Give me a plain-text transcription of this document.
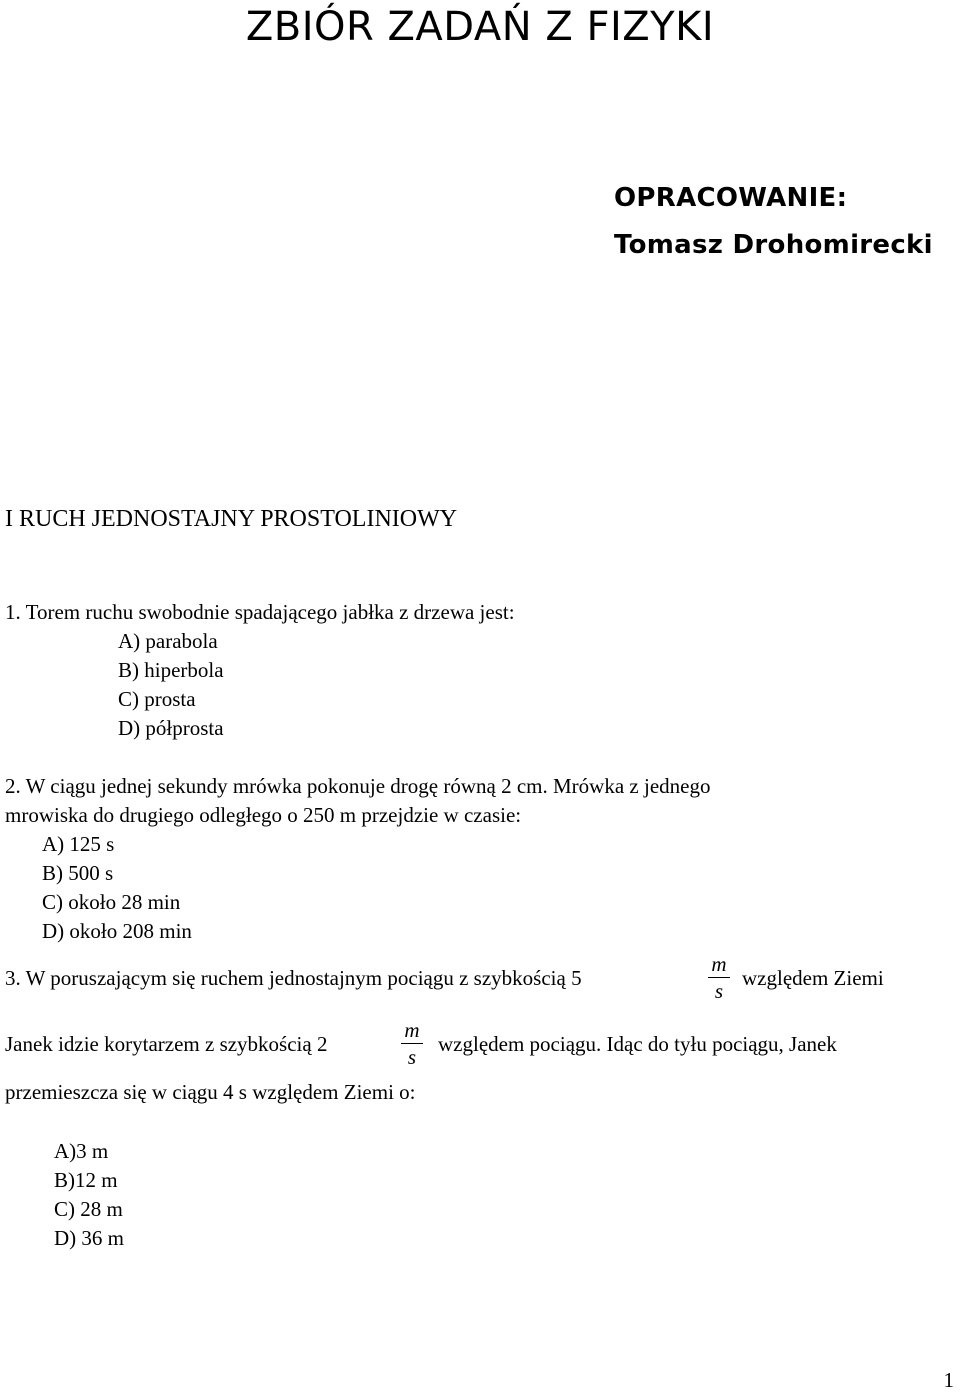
ZBIÓR ZADAŃ Z FIZYKI
OPRACOWANIE:
Tomasz Drohomirecki
I RUCH JEDNOSTAJNY PROSTOLINIOWY
1. Torem ruchu swobodnie spadającego jabłka z drzewa jest:
A) parabola
B) hiperbola
C) prosta
D) półprosta
2. W ciągu jednej sekundy mrówka pokonuje drogę równą 2 cm. Mrówka z jednego
mrowiska do drugiego odległego o 250 m przejdzie w czasie:
A) 125 s
B) 500 s
C) około 28 min
D) około 208 min
3. W poruszającym się ruchem jednostajnym pociągu z szybkością 5
m
s
względem Ziemi
Janek idzie korytarzem z szybkością 2
m
s
względem pociągu. Idąc do tyłu pociągu, Janek
przemieszcza się w ciągu 4 s względem Ziemi o:
A)3 m
B)12 m
C) 28 m
D) 36 m
1
